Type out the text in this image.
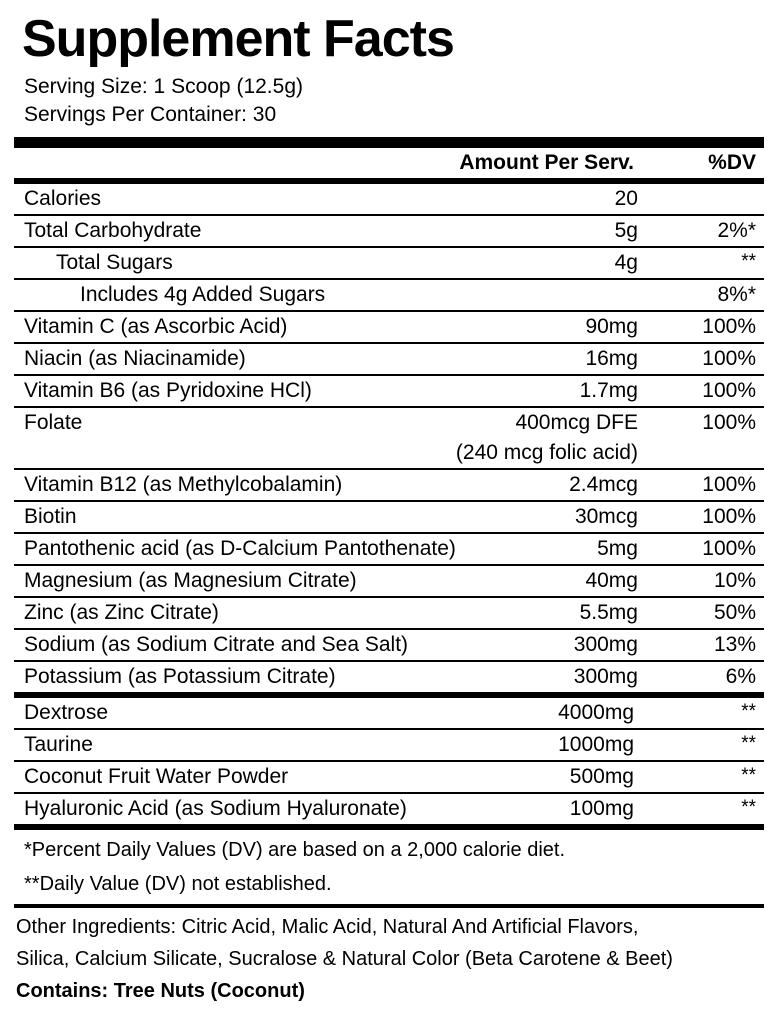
Supplement Facts
Serving Size: 1 Scoop (12.5g)
Servings Per Container: 30
	Amount Per Serv.	%DV
Calories	20	
Total Carbohydrate	5g	2%*
Total Sugars	4g	**
Includes 4g Added Sugars		8%*
Vitamin C (as Ascorbic Acid)	90mg	100%
Niacin (as Niacinamide)	16mg	100%
Vitamin B6 (as Pyridoxine HCl)	1.7mg	100%
Folate	400mcg DFE	100%
	(240 mcg folic acid)	
Vitamin B12 (as Methylcobalamin)	2.4mcg	100%
Biotin	30mcg	100%
Pantothenic acid (as D-Calcium Pantothenate)	5mg	100%
Magnesium (as Magnesium Citrate)	40mg	10%
Zinc (as Zinc Citrate)	5.5mg	50%
Sodium (as Sodium Citrate and Sea Salt)	300mg	13%
Potassium (as Potassium Citrate)	300mg	6%
Dextrose	4000mg	**
Taurine	1000mg	**
Coconut Fruit Water Powder	500mg	**
Hyaluronic Acid (as Sodium Hyaluronate)	100mg	**
*Percent Daily Values (DV) are based on a 2,000 calorie diet.
**Daily Value (DV) not established.
Other Ingredients: Citric Acid, Malic Acid, Natural And Artificial Flavors,
Silica, Calcium Silicate, Sucralose & Natural Color (Beta Carotene & Beet)
Contains: Tree Nuts (Coconut)
